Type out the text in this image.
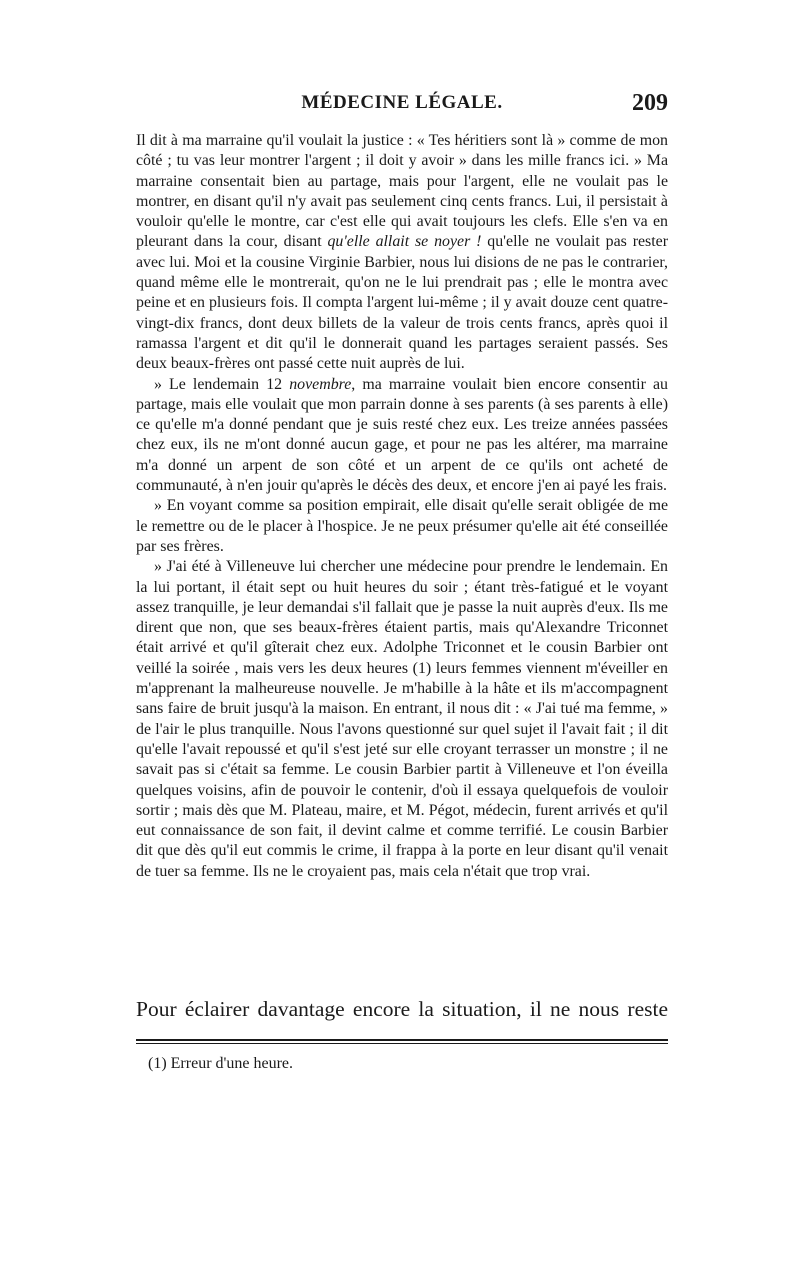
MÉDECINE LÉGALE.	209

Il dit à ma marraine qu'il voulait la justice : « Tes héritiers sont là » comme de mon côté ; tu vas leur montrer l'argent ; il doit y avoir » dans les mille francs ici. » Ma marraine consentait bien au partage, mais pour l'argent, elle ne voulait pas le montrer, en disant qu'il n'y avait pas seulement cinq cents francs. Lui, il persistait à vouloir qu'elle le montre, car c'est elle qui avait toujours les clefs. Elle s'en va en pleurant dans la cour, disant qu'elle allait se noyer ! qu'elle ne voulait pas rester avec lui. Moi et la cousine Virginie Barbier, nous lui disions de ne pas le contrarier, quand même elle le montrerait, qu'on ne le lui prendrait pas ; elle le montra avec peine et en plusieurs fois. Il compta l'argent lui-même ; il y avait douze cent quatre-vingt-dix francs, dont deux billets de la valeur de trois cents francs, après quoi il ramassa l'argent et dit qu'il le donnerait quand les partages seraient passés. Ses deux beaux-frères ont passé cette nuit auprès de lui.

» Le lendemain 12 novembre, ma marraine voulait bien encore consentir au partage, mais elle voulait que mon parrain donne à ses parents (à ses parents à elle) ce qu'elle m'a donné pendant que je suis resté chez eux. Les treize années passées chez eux, ils ne m'ont donné aucun gage, et pour ne pas les altérer, ma marraine m'a donné un arpent de son côté et un arpent de ce qu'ils ont acheté de communauté, à n'en jouir qu'après le décès des deux, et encore j'en ai payé les frais.

» En voyant comme sa position empirait, elle disait qu'elle serait obligée de me le remettre ou de le placer à l'hospice. Je ne peux présumer qu'elle ait été conseillée par ses frères.

» J'ai été à Villeneuve lui chercher une médecine pour prendre le lendemain. En la lui portant, il était sept ou huit heures du soir ; étant très-fatigué et le voyant assez tranquille, je leur demandai s'il fallait que je passe la nuit auprès d'eux. Ils me dirent que non, que ses beaux-frères étaient partis, mais qu'Alexandre Triconnet était arrivé et qu'il gîterait chez eux. Adolphe Triconnet et le cousin Barbier ont veillé la soirée , mais vers les deux heures (1) leurs femmes viennent m'éveiller en m'apprenant la malheureuse nouvelle. Je m'habille à la hâte et ils m'accompagnent sans faire de bruit jusqu'à la maison. En entrant, il nous dit : « J'ai tué ma femme, » de l'air le plus tranquille. Nous l'avons questionné sur quel sujet il l'avait fait ; il dit qu'elle l'avait repoussé et qu'il s'est jeté sur elle croyant terrasser un monstre ; il ne savait pas si c'était sa femme. Le cousin Barbier partit à Villeneuve et l'on éveilla quelques voisins, afin de pouvoir le contenir, d'où il essaya quelquefois de vouloir sortir ; mais dès que M. Plateau, maire, et M. Pégot, médecin, furent arrivés et qu'il eut connaissance de son fait, il devint calme et comme terrifié. Le cousin Barbier dit que dès qu'il eut commis le crime, il frappa à la porte en leur disant qu'il venait de tuer sa femme. Ils ne le croyaient pas, mais cela n'était que trop vrai.

Pour éclairer davantage encore la situation, il ne nous reste
(1) Erreur d'une heure.
